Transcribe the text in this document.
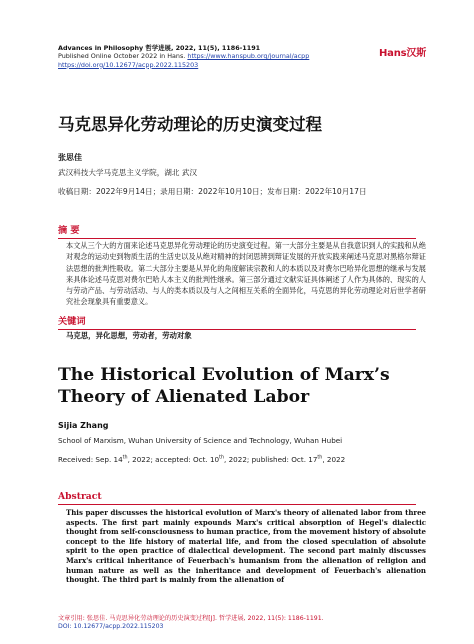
Advances in Philosophy 哲学进展, 2022, 11(5), 1186-1191
Published Online October 2022 in Hans. https://www.hanspub.org/journal/acpp
https://doi.org/10.12677/acpp.2022.115203
Hans汉斯
马克思异化劳动理论的历史演变过程
张思佳
武汉科技大学马克思主义学院，湖北 武汉
收稿日期：2022年9月14日；录用日期：2022年10月10日；发布日期：2022年10月17日
摘 要
本文从三个大的方面来论述马克思异化劳动理论的历史演变过程。第一大部分主要是从自我意识到人的实践和从绝对观念的运动史到物质生活的生活史以及从绝对精神的封闭思辨到辩证发展的开放实践来阐述马克思对黑格尔辩证法思想的批判性吸收。第二大部分主要是从异化的角度解读宗教和人的本质以及对费尔巴哈异化思想的继承与发展来具体论述马克思对费尔巴哈人本主义的批判性继承。第三部分通过文献实证具体阐述了人作为具体的、现实的人与劳动产品、与劳动活动、与人的类本质以及与人之间相互关系的全面异化，马克思的异化劳动理论对后世学者研究社会现象具有重要意义。
关键词
马克思，异化思想，劳动者，劳动对象
The Historical Evolution of Marx’s Theory of Alienated Labor
Sijia Zhang
School of Marxism, Wuhan University of Science and Technology, Wuhan Hubei
Received: Sep. 14th, 2022; accepted: Oct. 10th, 2022; published: Oct. 17th, 2022
Abstract
This paper discusses the historical evolution of Marx's theory of alienated labor from three aspects. The first part mainly expounds Marx's critical absorption of Hegel's dialectic thought from self-consciousness to human practice, from the movement history of absolute concept to the life history of material life, and from the closed speculation of absolute spirit to the open practice of dialectical development. The second part mainly discusses Marx's critical inheritance of Feuerbach's humanism from the alienation of religion and human nature as well as the inheritance and development of Feuerbach's alienation thought. The third part is mainly from the alienation of
文章引用: 张思佳. 马克思异化劳动理论的历史演变过程[J]. 哲学进展, 2022, 11(5): 1186-1191.
DOI: 10.12677/acpp.2022.115203
